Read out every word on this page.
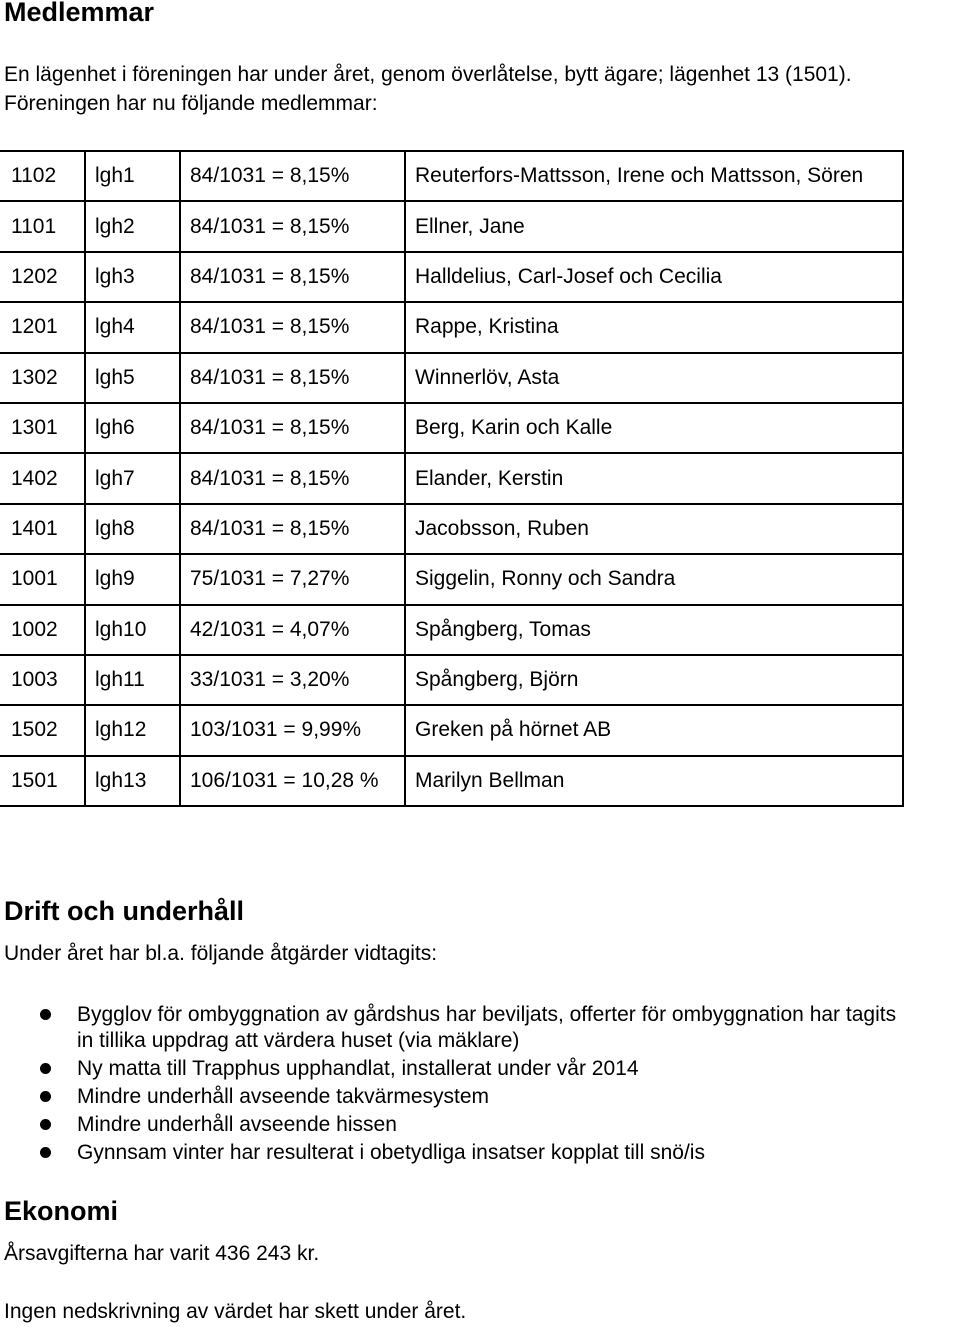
Medlemmar

En lägenhet i föreningen har under året, genom överlåtelse, bytt ägare; lägenhet 13 (1501).

Föreningen har nu följande medlemmar:

1102	lgh1	84/1031 = 8,15%	Reuterfors-Mattsson, Irene och Mattsson, Sören
1101	lgh2	84/1031 = 8,15%	Ellner, Jane
1202	lgh3	84/1031 = 8,15%	Halldelius, Carl-Josef och Cecilia
1201	lgh4	84/1031 = 8,15%	Rappe, Kristina
1302	lgh5	84/1031 = 8,15%	Winnerlöv, Asta
1301	lgh6	84/1031 = 8,15%	Berg, Karin och Kalle
1402	lgh7	84/1031 = 8,15%	Elander, Kerstin
1401	lgh8	84/1031 = 8,15%	Jacobsson, Ruben
1001	lgh9	75/1031 = 7,27%	Siggelin, Ronny och Sandra
1002	lgh10	42/1031 = 4,07%	Spångberg, Tomas
1003	lgh11	33/1031 = 3,20%	Spångberg, Björn
1502	lgh12	103/1031 = 9,99%	Greken på hörnet AB
1501	lgh13	106/1031 = 10,28 %	Marilyn Bellman
Drift och underhåll

Under året har bl.a. följande åtgärder vidtagits:

Bygglov för ombyggnation av gårdshus har beviljats, offerter för ombyggnation har tagits
in tillika uppdrag att värdera huset (via mäklare)
Ny matta till Trapphus upphandlat, installerat under vår 2014
Mindre underhåll avseende takvärmesystem
Mindre underhåll avseende hissen
Gynnsam vinter har resulterat i obetydliga insatser kopplat till snö/is
Ekonomi

Årsavgifterna har varit 436 243 kr.

Ingen nedskrivning av värdet har skett under året.
